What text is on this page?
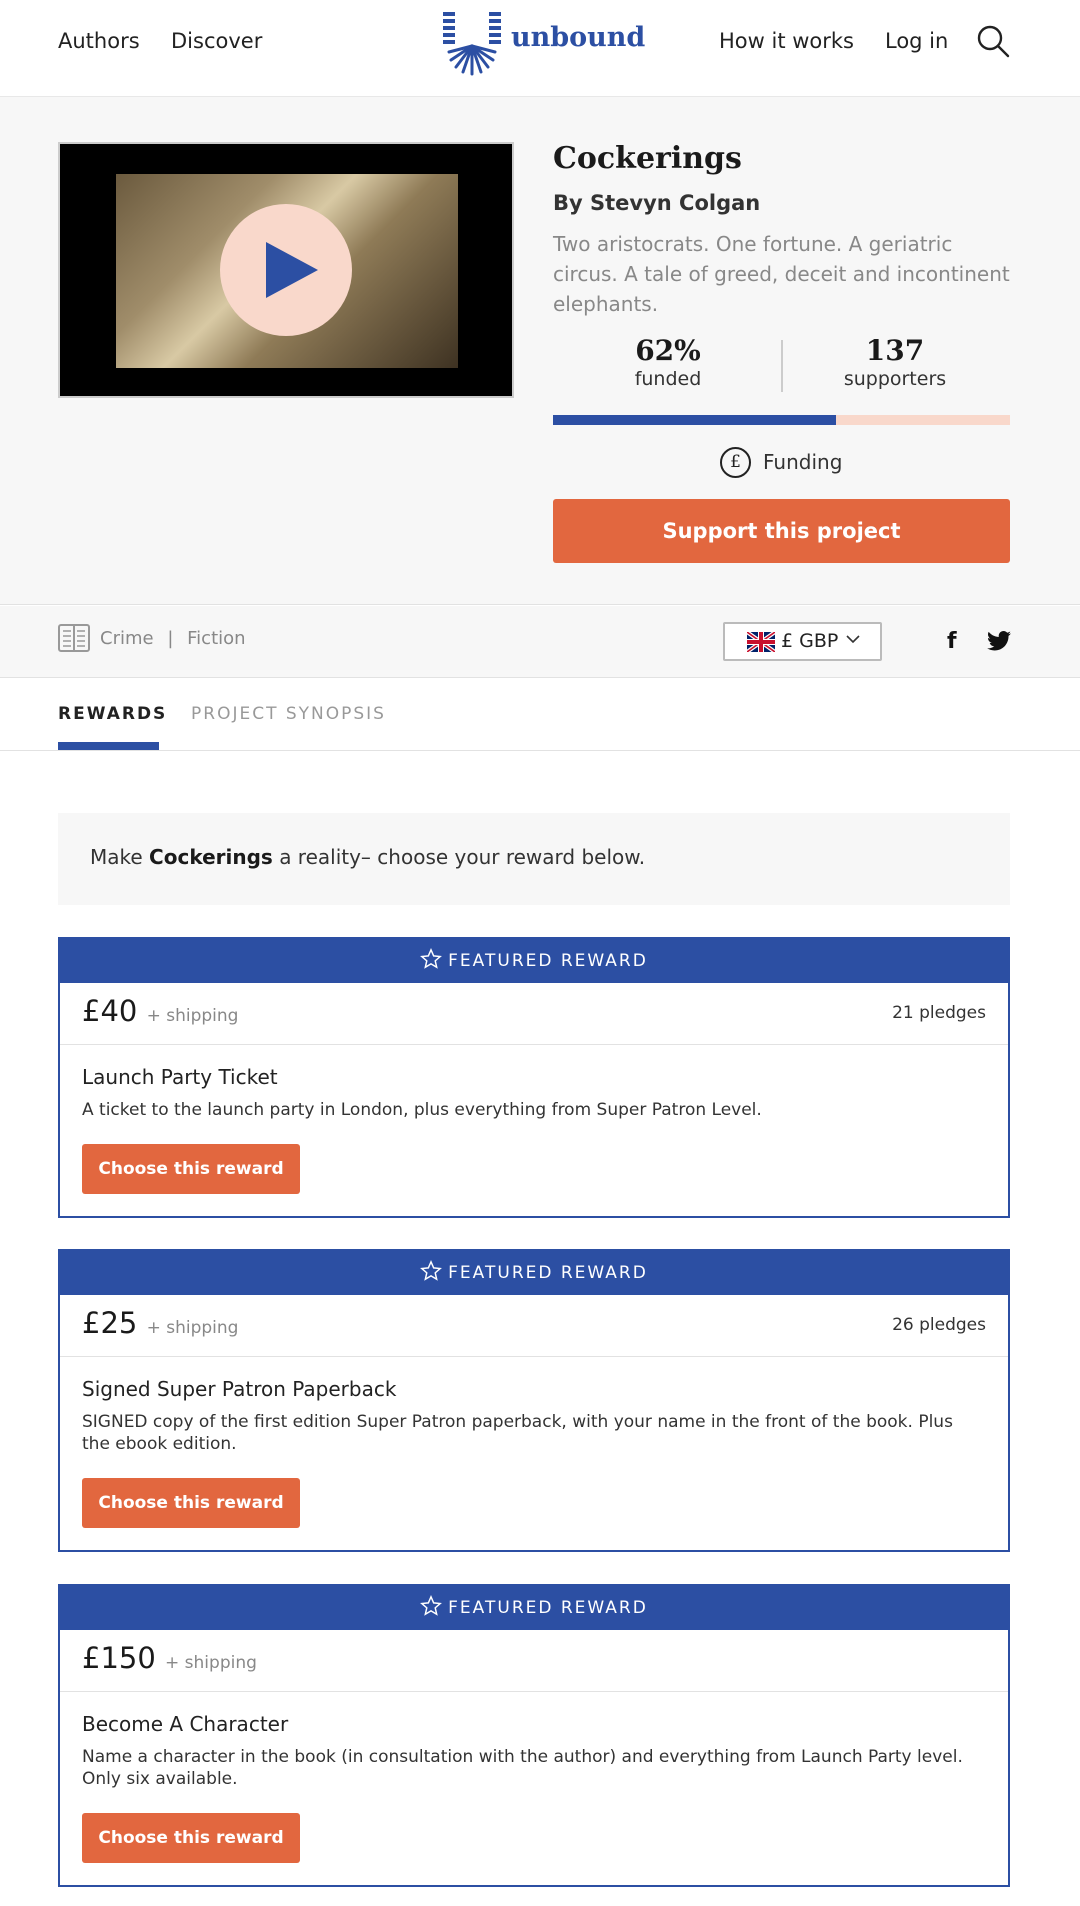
Authors Discover	unbound	How it works Log in
Cockerings
By Stevyn Colgan

Two aristocrats. One fortune. A geriatric circus. A tale of greed, deceit and incontinent elephants.

62%
funded
137
supporters
£	Funding
Support this project
Crime | Fiction	£ GBP	f
REWARDS PROJECT SYNOPSIS
Make Cockerings a reality– choose your reward below.
FEATURED REWARD
£40 + shipping	21 pledges
Launch Party Ticket
A ticket to the launch party in London, plus everything from Super Patron Level.
Choose this reward
FEATURED REWARD
£25 + shipping	26 pledges
Signed Super Patron Paperback
SIGNED copy of the first edition Super Patron paperback, with your name in the front of the book. Plus the ebook edition.
Choose this reward
FEATURED REWARD
£150 + shipping
Become A Character
Name a character in the book (in consultation with the author) and everything from Launch Party level. Only six available.
Choose this reward
